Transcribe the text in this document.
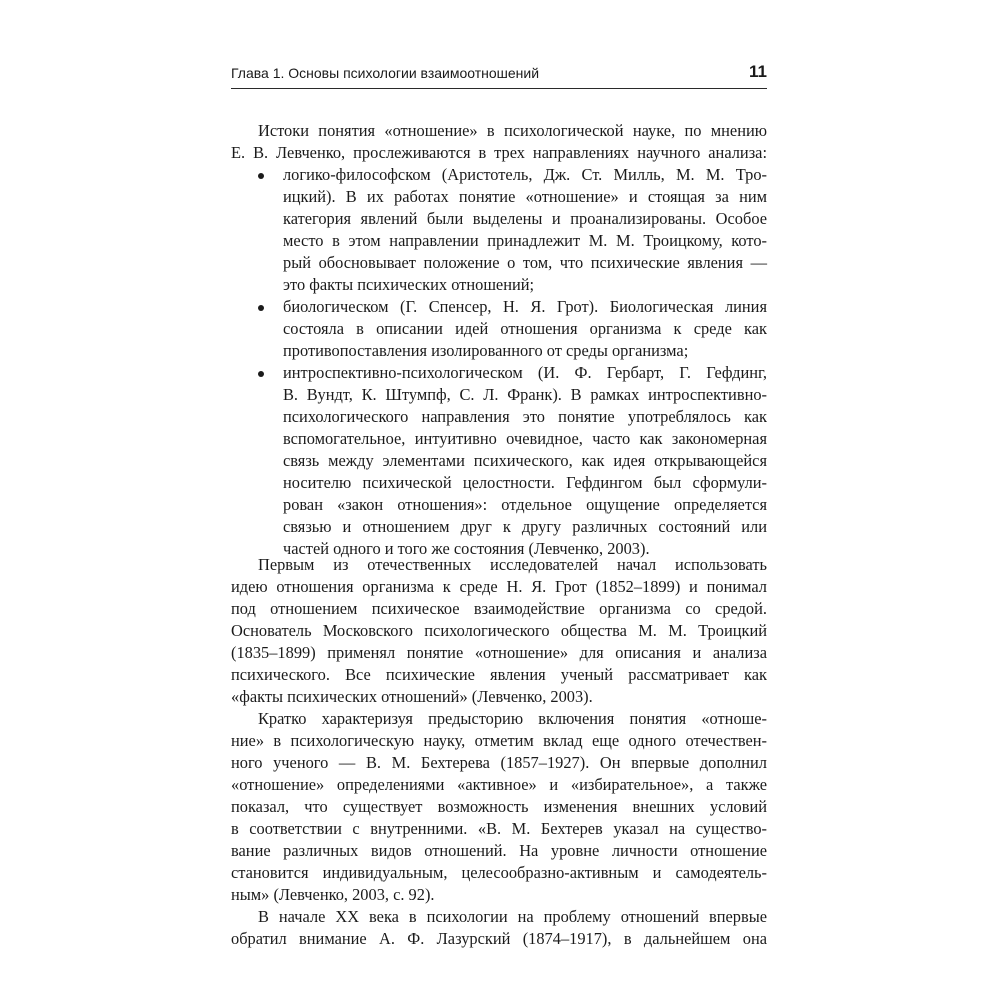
Глава 1. Основы психологии взаимоотношений	11
Истоки понятия «отношение» в психологической науке, по мнению
Е. В. Левченко, прослеживаются в трех направлениях научного анализа:
логико-философском (Аристотель, Дж. Ст. Милль, М. М. Тро-
ицкий). В их работах понятие «отношение» и стоящая за ним
категория явлений были выделены и проанализированы. Особое
место в этом направлении принадлежит М. М. Троицкому, кото-
рый обосновывает положение о том, что психические явления —
это факты психических отношений;
биологическом (Г. Спенсер, Н. Я. Грот). Биологическая линия
состояла в описании идей отношения организма к среде как
противопоставления изолированного от среды организма;
интроспективно-психологическом (И. Ф. Гербарт, Г. Гефдинг,
В. Вундт, К. Штумпф, С. Л. Франк). В рамках интроспективно-
психологического направления это понятие употреблялось как
вспомогательное, интуитивно очевидное, часто как закономерная
связь между элементами психического, как идея открывающейся
носителю психической целостности. Гефдингом был сформули-
рован «закон отношения»: отдельное ощущение определяется
связью и отношением друг к другу различных состояний или
частей одного и того же состояния (Левченко, 2003).
Первым из отечественных исследователей начал использовать
идею отношения организма к среде Н. Я. Грот (1852–1899) и понимал
под отношением психическое взаимодействие организма со средой.
Основатель Московского психологического общества М. М. Троицкий
(1835–1899) применял понятие «отношение» для описания и анализа
психического. Все психические явления ученый рассматривает как
«факты психических отношений» (Левченко, 2003).
Кратко характеризуя предысторию включения понятия «отноше-
ние» в психологическую науку, отметим вклад еще одного отечествен-
ного ученого — В. М. Бехтерева (1857–1927). Он впервые дополнил
«отношение» определениями «активное» и «избирательное», а также
показал, что существует возможность изменения внешних условий
в соответствии с внутренними. «В. М. Бехтерев указал на существо-
вание различных видов отношений. На уровне личности отношение
становится индивидуальным, целесообразно-активным и самодеятель-
ным» (Левченко, 2003, с. 92).
В начале XX века в психологии на проблему отношений впервые
обратил внимание А. Ф. Лазурский (1874–1917), в дальнейшем она
